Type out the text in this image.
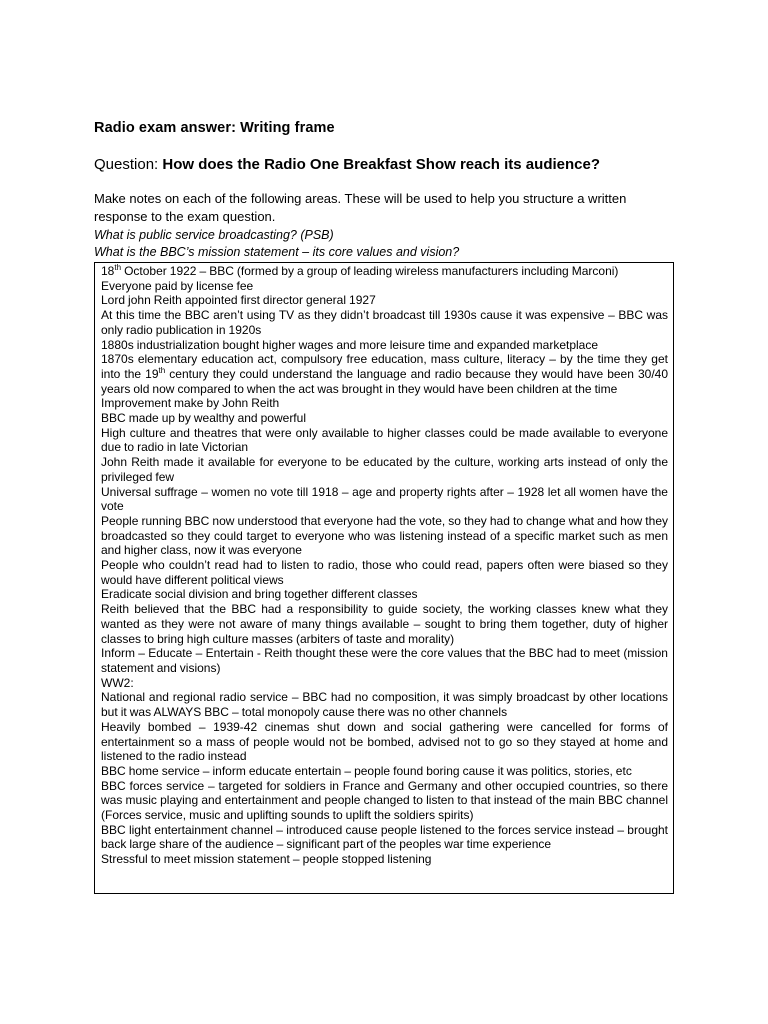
Radio exam answer: Writing frame
Question: How does the Radio One Breakfast Show reach its audience?
Make notes on each of the following areas. These will be used to help you structure a written response to the exam question.
What is public service broadcasting? (PSB)
What is the BBC’s mission statement – its core values and vision?
18th October 1922 – BBC (formed by a group of leading wireless manufacturers including Marconi)
Everyone paid by license fee
Lord john Reith appointed first director general 1927
At this time the BBC aren’t using TV as they didn’t broadcast till 1930s cause it was expensive – BBC was only radio publication in 1920s
1880s industrialization bought higher wages and more leisure time and expanded marketplace
1870s elementary education act, compulsory free education, mass culture, literacy – by the time they get into the 19th century they could understand the language and radio because they would have been 30/40 years old now compared to when the act was brought in they would have been children at the time
Improvement make by John Reith
BBC made up by wealthy and powerful
High culture and theatres that were only available to higher classes could be made available to everyone due to radio in late Victorian
John Reith made it available for everyone to be educated by the culture, working arts instead of only the privileged few
Universal suffrage – women no vote till 1918 – age and property rights after – 1928 let all women have the vote
People running BBC now understood that everyone had the vote, so they had to change what and how they broadcasted so they could target to everyone who was listening instead of a specific market such as men and higher class, now it was everyone
People who couldn’t read had to listen to radio, those who could read, papers often were biased so they would have different political views
Eradicate social division and bring together different classes
Reith believed that the BBC had a responsibility to guide society, the working classes knew what they wanted as they were not aware of many things available – sought to bring them together, duty of higher classes to bring high culture masses (arbiters of taste and morality)
Inform – Educate – Entertain - Reith thought these were the core values that the BBC had to meet (mission statement and visions)
WW2:
National and regional radio service – BBC had no composition, it was simply broadcast by other locations but it was ALWAYS BBC – total monopoly cause there was no other channels
Heavily bombed – 1939-42 cinemas shut down and social gathering were cancelled for forms of entertainment so a mass of people would not be bombed, advised not to go so they stayed at home and listened to the radio instead
BBC home service – inform educate entertain – people found boring cause it was politics, stories, etc
BBC forces service – targeted for soldiers in France and Germany and other occupied countries, so there was music playing and entertainment and people changed to listen to that instead of the main BBC channel (Forces service, music and uplifting sounds to uplift the soldiers spirits)
BBC light entertainment channel – introduced cause people listened to the forces service instead – brought back large share of the audience – significant part of the peoples war time experience
Stressful to meet mission statement – people stopped listening
